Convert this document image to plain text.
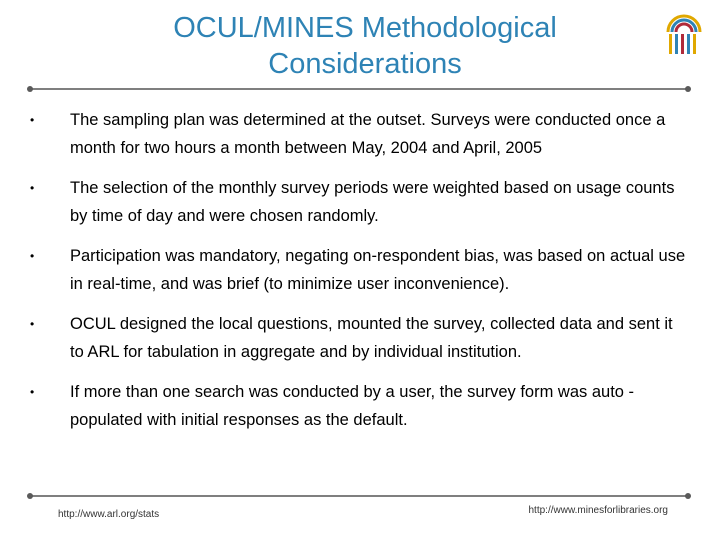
OCUL/MINES Methodological
Considerations
• The sampling plan was determined at the outset. Surveys were conducted once a month for two hours a month between May, 2004 and April, 2005
• The selection of the monthly survey periods were weighted based on usage counts by time of day and were chosen randomly.
• Participation was mandatory, negating on-respondent bias, was based on actual use in real-time, and was brief (to minimize user inconvenience).
• OCUL designed the local questions, mounted the survey, collected data and sent it to ARL for tabulation in aggregate and by individual institution.
• If more than one search was conducted by a user, the survey form was auto -populated with initial responses as the default.
http://www.arl.org/stats	http://www.minesforlibraries.org
